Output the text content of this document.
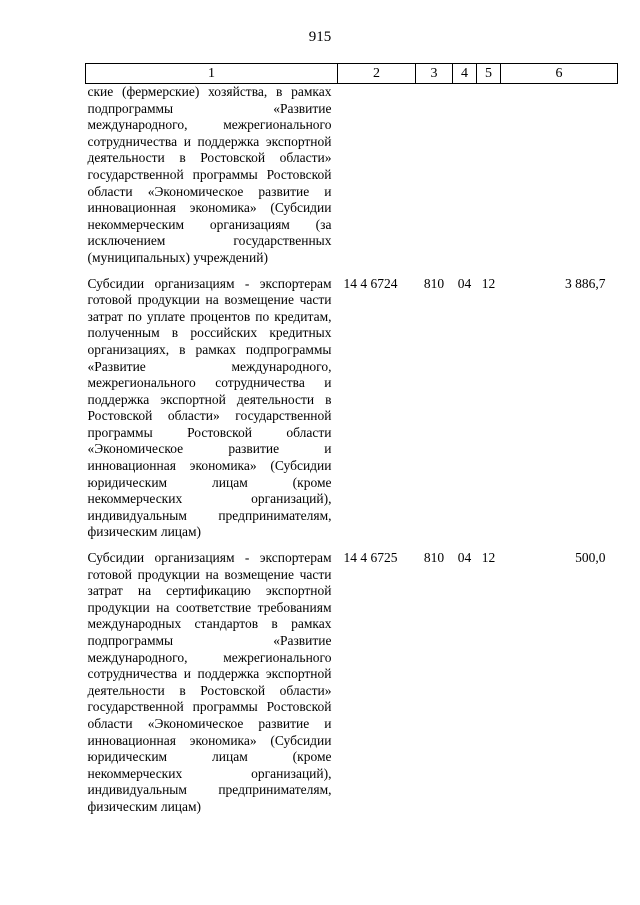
915
1	2	3	4	5	6
ские (фермерские) хозяйства, в рамках подпрограммы «Развитие международного, межрегионального сотрудничества и поддержка экспортной деятельности в Ростовской области» государственной программы Ростовской области «Экономическое развитие и инновационная экономика» (Субсидии некоммерческим организациям (за исключением государственных (муниципальных) учреждений)					
Субсидии организациям - экспортерам готовой продукции на возмещение части затрат по уплате процентов по кредитам, полученным в российских кредитных организациях, в рамках подпрограммы «Развитие международного, межрегионального сотрудничества и поддержка экспортной деятельности в Ростовской области» государственной программы Ростовской области «Экономическое развитие и инновационная экономика» (Субсидии юридическим лицам (кроме некоммерческих организаций), индивидуальным предпринимателям, физическим лицам)	14 4 6724	810	04	12	3 886,7
Субсидии организациям - экспортерам готовой продукции на возмещение части затрат на сертификацию экспортной продукции на соответствие требованиям международных стандартов в рамках подпрограммы «Развитие международного, межрегионального сотрудничества и поддержка экспортной деятельности в Ростовской области» государственной программы Ростовской области «Экономическое развитие и инновационная экономика» (Субсидии юридическим лицам (кроме некоммерческих организаций), индивидуальным предпринимателям, физическим лицам)	14 4 6725	810	04	12	500,0
